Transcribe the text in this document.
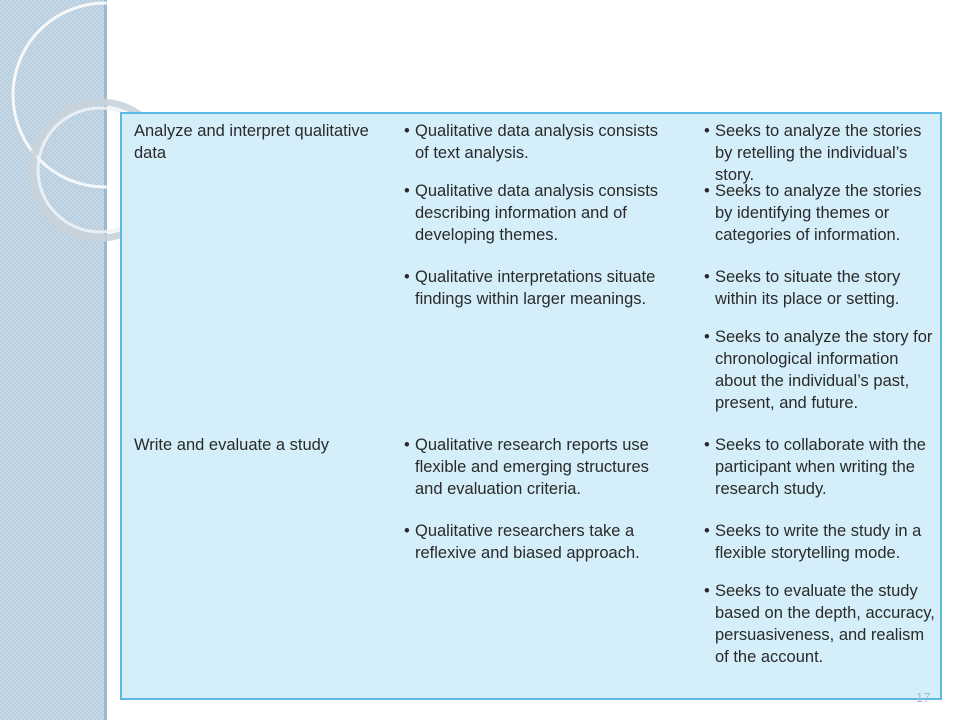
Analyze and interpret qualitative data

• Qualitative data analysis consists of text analysis.
• Qualitative data analysis consists describing information and of developing themes.
• Qualitative interpretations situate findings within larger meanings.
• Seeks to analyze the stories by retelling the individual’s story.
• Seeks to analyze the stories by identifying themes or categories of information.
• Seeks to situate the story within its place or setting.
• Seeks to analyze the story for chronological information about the individual’s past, present, and future.

Write and evaluate a study	• Qualitative research reports use flexible and emerging structures and evaluation criteria.
• Qualitative researchers take a reflexive and biased approach.
• Seeks to collaborate with the participant when writing the research study.
• Seeks to write the study in a flexible storytelling mode.
• Seeks to evaluate the study based on the depth, accuracy, persuasiveness, and realism of the account.
17
